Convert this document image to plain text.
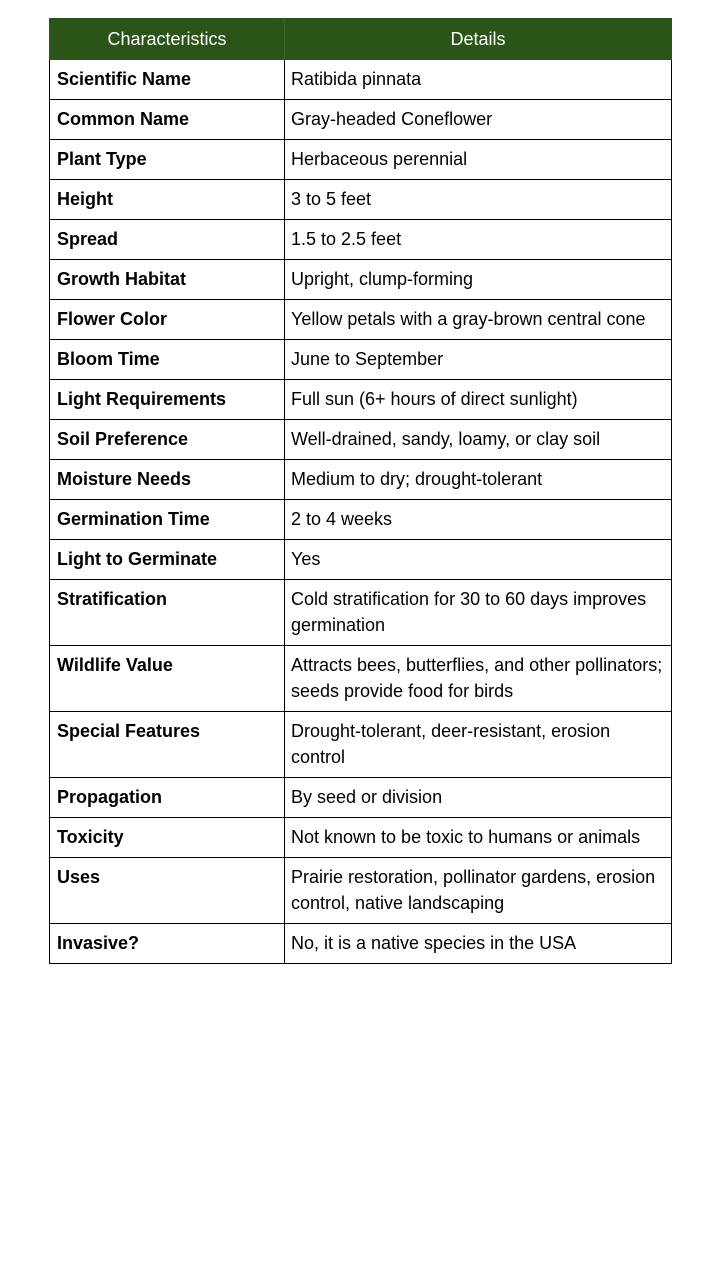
Characteristics	Details
Scientific Name	Ratibida pinnata
Common Name	Gray-headed Coneflower
Plant Type	Herbaceous perennial
Height	3 to 5 feet
Spread	1.5 to 2.5 feet
Growth Habitat	Upright, clump-forming
Flower Color	Yellow petals with a gray-brown central cone
Bloom Time	June to September
Light Requirements	Full sun (6+ hours of direct sunlight)
Soil Preference	Well-drained, sandy, loamy, or clay soil
Moisture Needs	Medium to dry; drought-tolerant
Germination Time	2 to 4 weeks
Light to Germinate	Yes
Stratification	Cold stratification for 30 to 60 days improves germination
Wildlife Value	Attracts bees, butterflies, and other pollinators; seeds provide food for birds
Special Features	Drought-tolerant, deer-resistant, erosion control
Propagation	By seed or division
Toxicity	Not known to be toxic to humans or animals
Uses	Prairie restoration, pollinator gardens, erosion control, native landscaping
Invasive?	No, it is a native species in the USA
